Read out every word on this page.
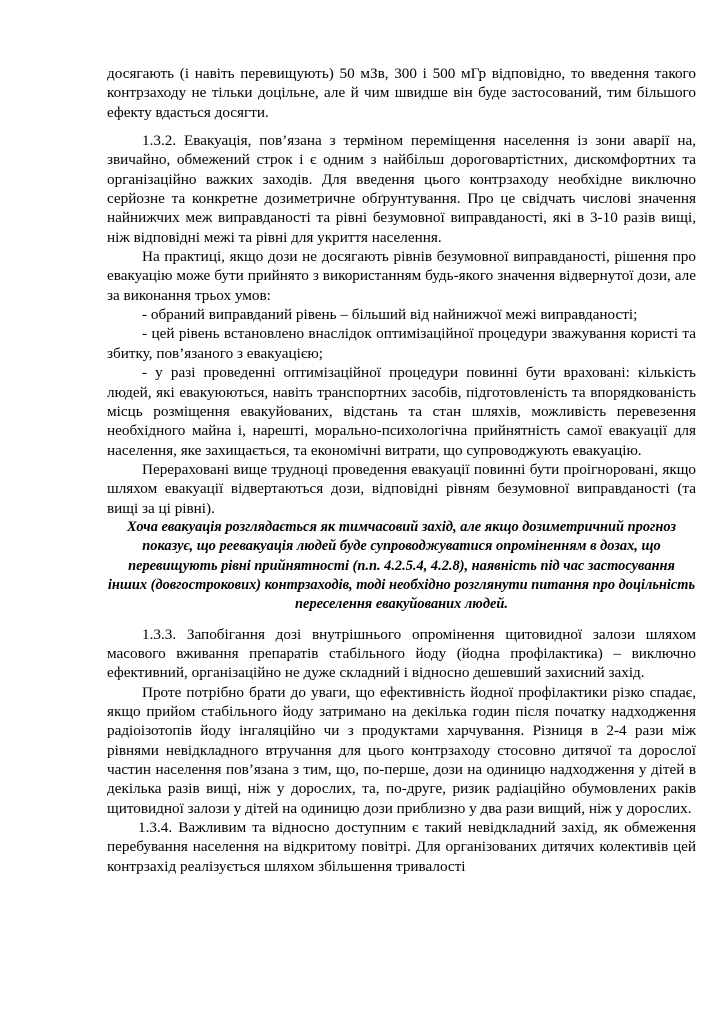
досягають (і навіть перевищують) 50 мЗв, 300 і 500 мГр відповідно, то введення такого контрзаходу не тільки доцільне, але й чим швидше він буде застосований, тим більшого ефекту вдасться досягти.

1.3.2. Евакуація, пов’язана з терміном переміщення населення із зони аварії на, звичайно, обмежений строк і є одним з найбільш дороговартістних, дискомфортних та організаційно важких заходів. Для введення цього контрзаходу необхідне виключно серйозне та конкретне дозиметричне обґрунтування. Про це свідчать числові значення найнижчих меж виправданості та рівні безумовної виправданості, які в 3-10 разів вищі, ніж відповідні межі та рівні для укриття населення.

На практиці, якщо дози не досягають рівнів безумовної виправданості, рішення про евакуацію може бути прийнято з використанням будь-якого значення відвернутої дози, але за виконання трьох умов:

- обраний виправданий рівень – більший від найнижчої межі виправданості;

- цей рівень встановлено внаслідок оптимізаційної процедури зважування користі та збитку, пов’язаного з евакуацією;

- у разі проведенні оптимізаційної процедури повинні бути враховані: кількість людей, які евакуюються, навіть транспортних засобів, підготовленість та впорядкованість місць розміщення евакуйованих, відстань та стан шляхів, можливість перевезення необхідного майна і, нарешті, морально-психологічна прийнятність самої евакуації для населення, яке захищається, та економічні витрати, що супроводжують евакуацію.

Перераховані вище трудноці проведення евакуації повинні бути проігноровані, якщо шляхом евакуації відвертаються дози, відповідні рівням безумовної виправданості (та вищі за ці рівні).

Хоча евакуація розглядається як тимчасовий захід, але якщо дозиметричний прогноз показує, що реевакуація людей буде супроводжуватися опроміненням в дозах, що перевищують рівні прийнятності (п.п. 4.2.5.4, 4.2.8), наявність під час застосування інших (довгострокових) контрзаходів, тоді необхідно розглянути питання про доцільність переселення евакуйованих людей.

1.3.3. Запобігання дозі внутрішнього опромінення щитовидної залози шляхом масового вживання препаратів стабільного йоду (йодна профілактика) – виключно ефективний, організаційно не дуже складний і відносно дешевший захисний захід.

Проте потрібно брати до уваги, що ефективність йодної профілактики різко спадає, якщо прийом стабільного йоду затримано на декілька годин після початку надходження радіоізотопів йоду інгаляційно чи з продуктами харчування. Різниця в 2-4 рази між рівнями невідкладного втручання для цього контрзаходу стосовно дитячої та дорослої частин населення пов’язана з тим, що, по-перше, дози на одиницю надходження у дітей в декілька разів вищі, ніж у дорослих, та, по-друге, ризик радіаційно обумовлених раків щитовидної залози у дітей на одиницю дози приблизно у два рази вищий, ніж у дорослих.

1.3.4. Важливим та відносно доступним є такий невідкладний захід, як обмеження перебування населення на відкритому повітрі. Для організованих дитячих колективів цей контрзахід реалізується шляхом збільшення тривалості
